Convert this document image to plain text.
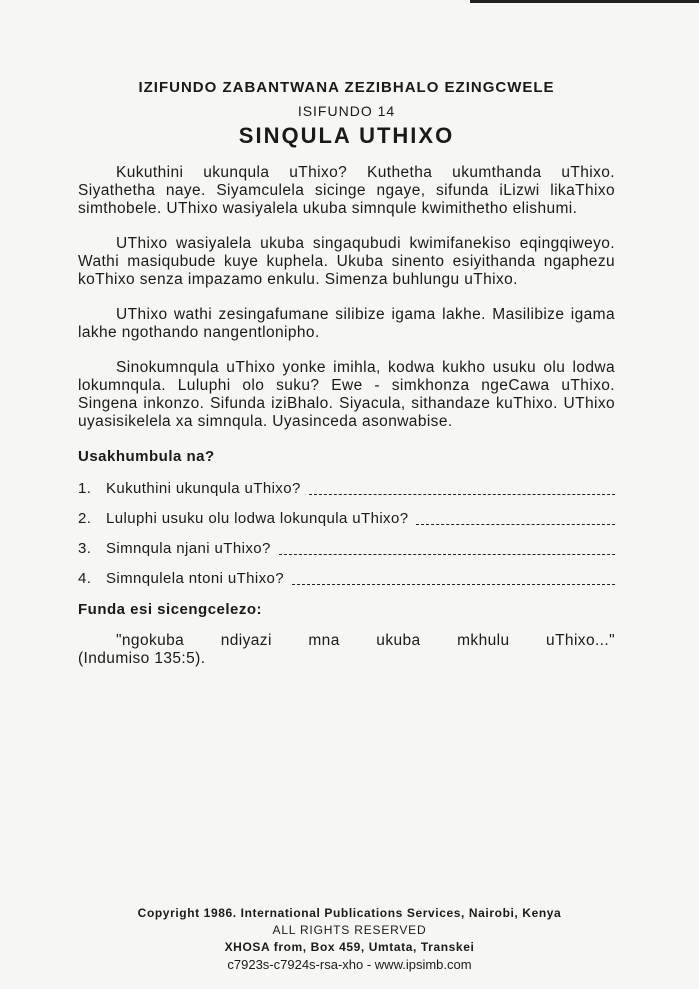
IZIFUNDO ZABANTWANA ZEZIBHALO EZINGCWELE
ISIFUNDO 14
SINQULA UTHIXO

Kukuthini ukunqula uThixo? Kuthetha ukumthanda uThixo. Siyathetha naye. Siyamculela sicinge ngaye, sifunda iLizwi likaThixo simthobele. UThixo wasiyalela ukuba simnqule kwimithetho elishumi.

UThixo wasiyalela ukuba singaqubudi kwimifanekiso eqingqiweyo. Wathi masiqubude kuye kuphela. Ukuba sinento esiyithanda ngaphezu koThixo senza impazamo enkulu. Simenza buhlungu uThixo.

UThixo wathi zesingafumane silibize igama lakhe. Masilibize igama lakhe ngothando nangentlonipho.

Sinokumnqula uThixo yonke imihla, kodwa kukho usuku olu lodwa lokumnqula. Luluphi olo suku? Ewe - simkhonza ngeCawa uThixo. Singena inkonzo. Sifunda iziBhalo. Siyacula, sithandaze kuThixo. UThixo uyasisikelela xa simnqula. Uyasinceda asonwabise.

Usakhumbula na?
1. Kukuthini ukunqula uThixo?
2. Luluphi usuku olu lodwa lokunqula uThixo?
3. Simnqula njani uThixo?
4. Simnqulela ntoni uThixo?
Funda esi sicengcelezo:
"ngokuba ndiyazi mna ukuba mkhulu uThixo..."
(Indumiso 135:5).
Copyright 1986. International Publications Services, Nairobi, Kenya
ALL RIGHTS RESERVED
XHOSA from, Box 459, Umtata, Transkei
c7923s-c7924s-rsa-xho - www.ipsimb.com
